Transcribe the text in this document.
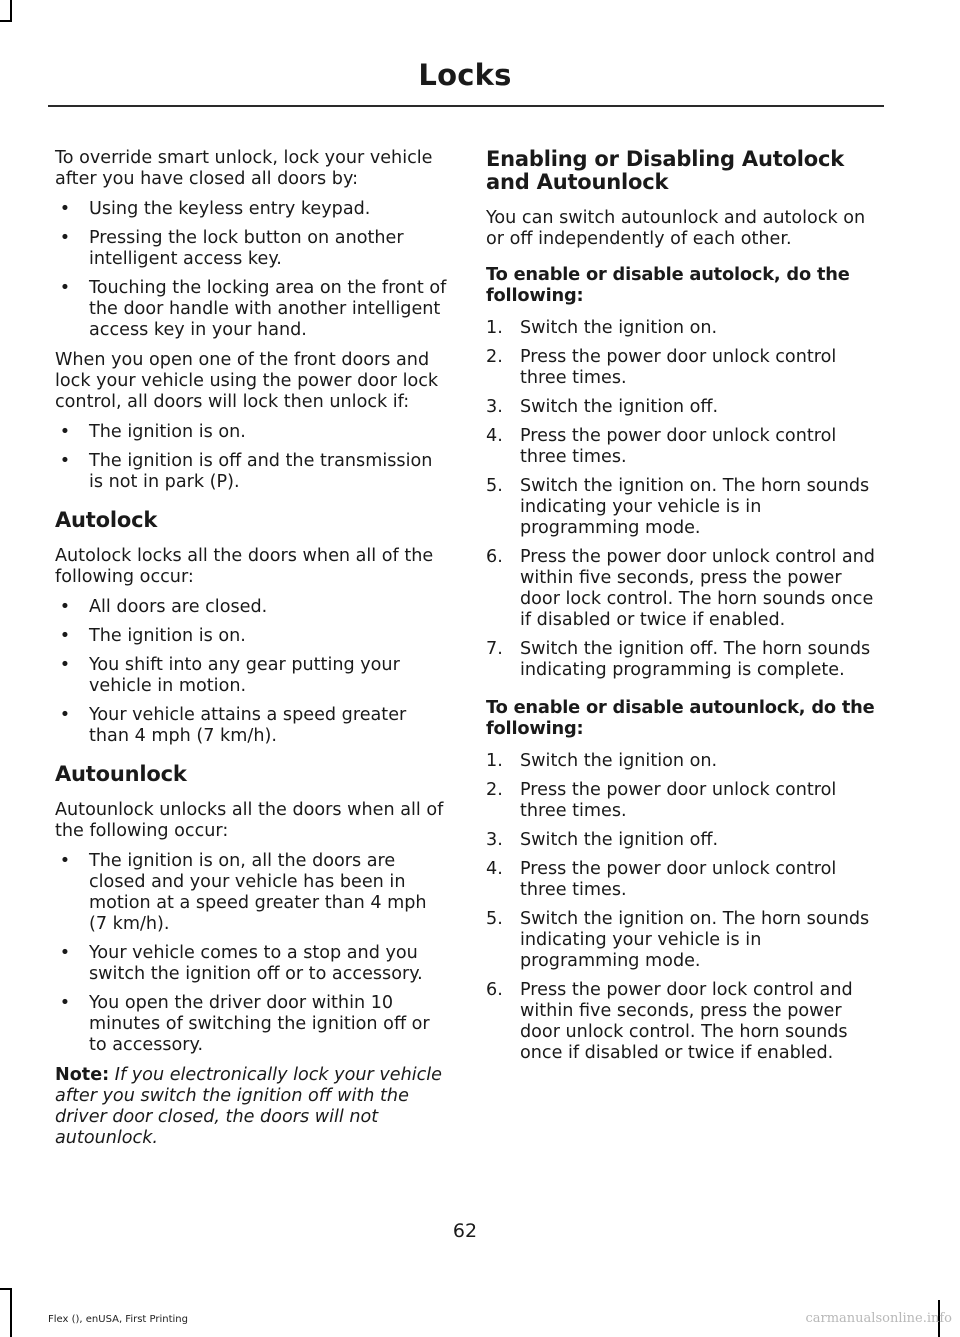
Locks

To override smart unlock, lock your vehicle after you have closed all doors by:

• Using the keyless entry keypad.
• Pressing the lock button on another intelligent access key.
• Touching the locking area on the front of the door handle with another intelligent access key in your hand.

When you open one of the front doors and lock your vehicle using the power door lock control, all doors will lock then unlock if:

• The ignition is on.
• The ignition is off and the transmission is not in park (P).
Autolock

Autolock locks all the doors when all of the following occur:

• All doors are closed.
• The ignition is on.
• You shift into any gear putting your vehicle in motion.
• Your vehicle attains a speed greater than 4 mph (7 km/h).
Autounlock

Autounlock unlocks all the doors when all of the following occur:

• The ignition is on, all the doors are closed and your vehicle has been in motion at a speed greater than 4 mph (7 km/h).
• Your vehicle comes to a stop and you switch the ignition off or to accessory.
• You open the driver door within 10 minutes of switching the ignition off or to accessory.

Note: If you electronically lock your vehicle after you switch the ignition off with the driver door closed, the doors will not autounlock.

Enabling or Disabling Autolock and Autounlock

You can switch autounlock and autolock on or off independently of each other.

To enable or disable autolock, do the following:
1. Switch the ignition on.
2. Press the power door unlock control three times.
3. Switch the ignition off.
4. Press the power door unlock control three times.
5. Switch the ignition on. The horn sounds indicating your vehicle is in programming mode.
6. Press the power door unlock control and within five seconds, press the power door lock control. The horn sounds once if disabled or twice if enabled.
7. Switch the ignition off. The horn sounds indicating programming is complete.
To enable or disable autounlock, do the following:
1. Switch the ignition on.
2. Press the power door unlock control three times.
3. Switch the ignition off.
4. Press the power door unlock control three times.
5. Switch the ignition on. The horn sounds indicating your vehicle is in programming mode.
6. Press the power door lock control and within five seconds, press the power door unlock control. The horn sounds once if disabled or twice if enabled.
62
Flex (), enUSA, First Printing	carmanualsonline.info
